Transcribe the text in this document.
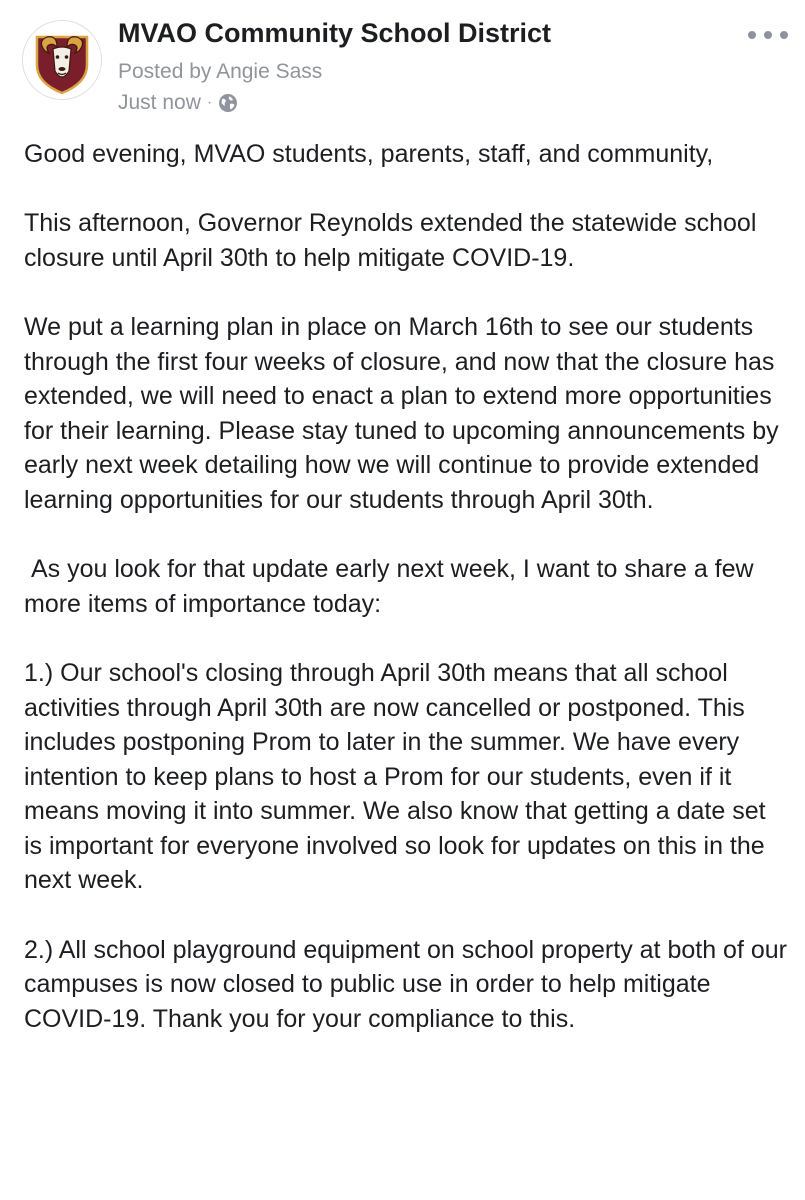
MVAO Community School District
Posted by Angie Sass
Just now ·

Good evening, MVAO students, parents, staff, and community,

This afternoon, Governor Reynolds extended the statewide school closure until April 30th to help mitigate COVID-19.

We put a learning plan in place on March 16th to see our students through the first four weeks of closure, and now that the closure has extended, we will need to enact a plan to extend more opportunities for their learning. Please stay tuned to upcoming announcements by early next week detailing how we will continue to provide extended learning opportunities for our students through April 30th.

As you look for that update early next week, I want to share a few more items of importance today:

1.) Our school's closing through April 30th means that all school activities through April 30th are now cancelled or postponed. This includes postponing Prom to later in the summer. We have every intention to keep plans to host a Prom for our students, even if it means moving it into summer. We also know that getting a date set is important for everyone involved so look for updates on this in the next week.

2.) All school playground equipment on school property at both of our campuses is now closed to public use in order to help mitigate COVID-19. Thank you for your compliance to this.
